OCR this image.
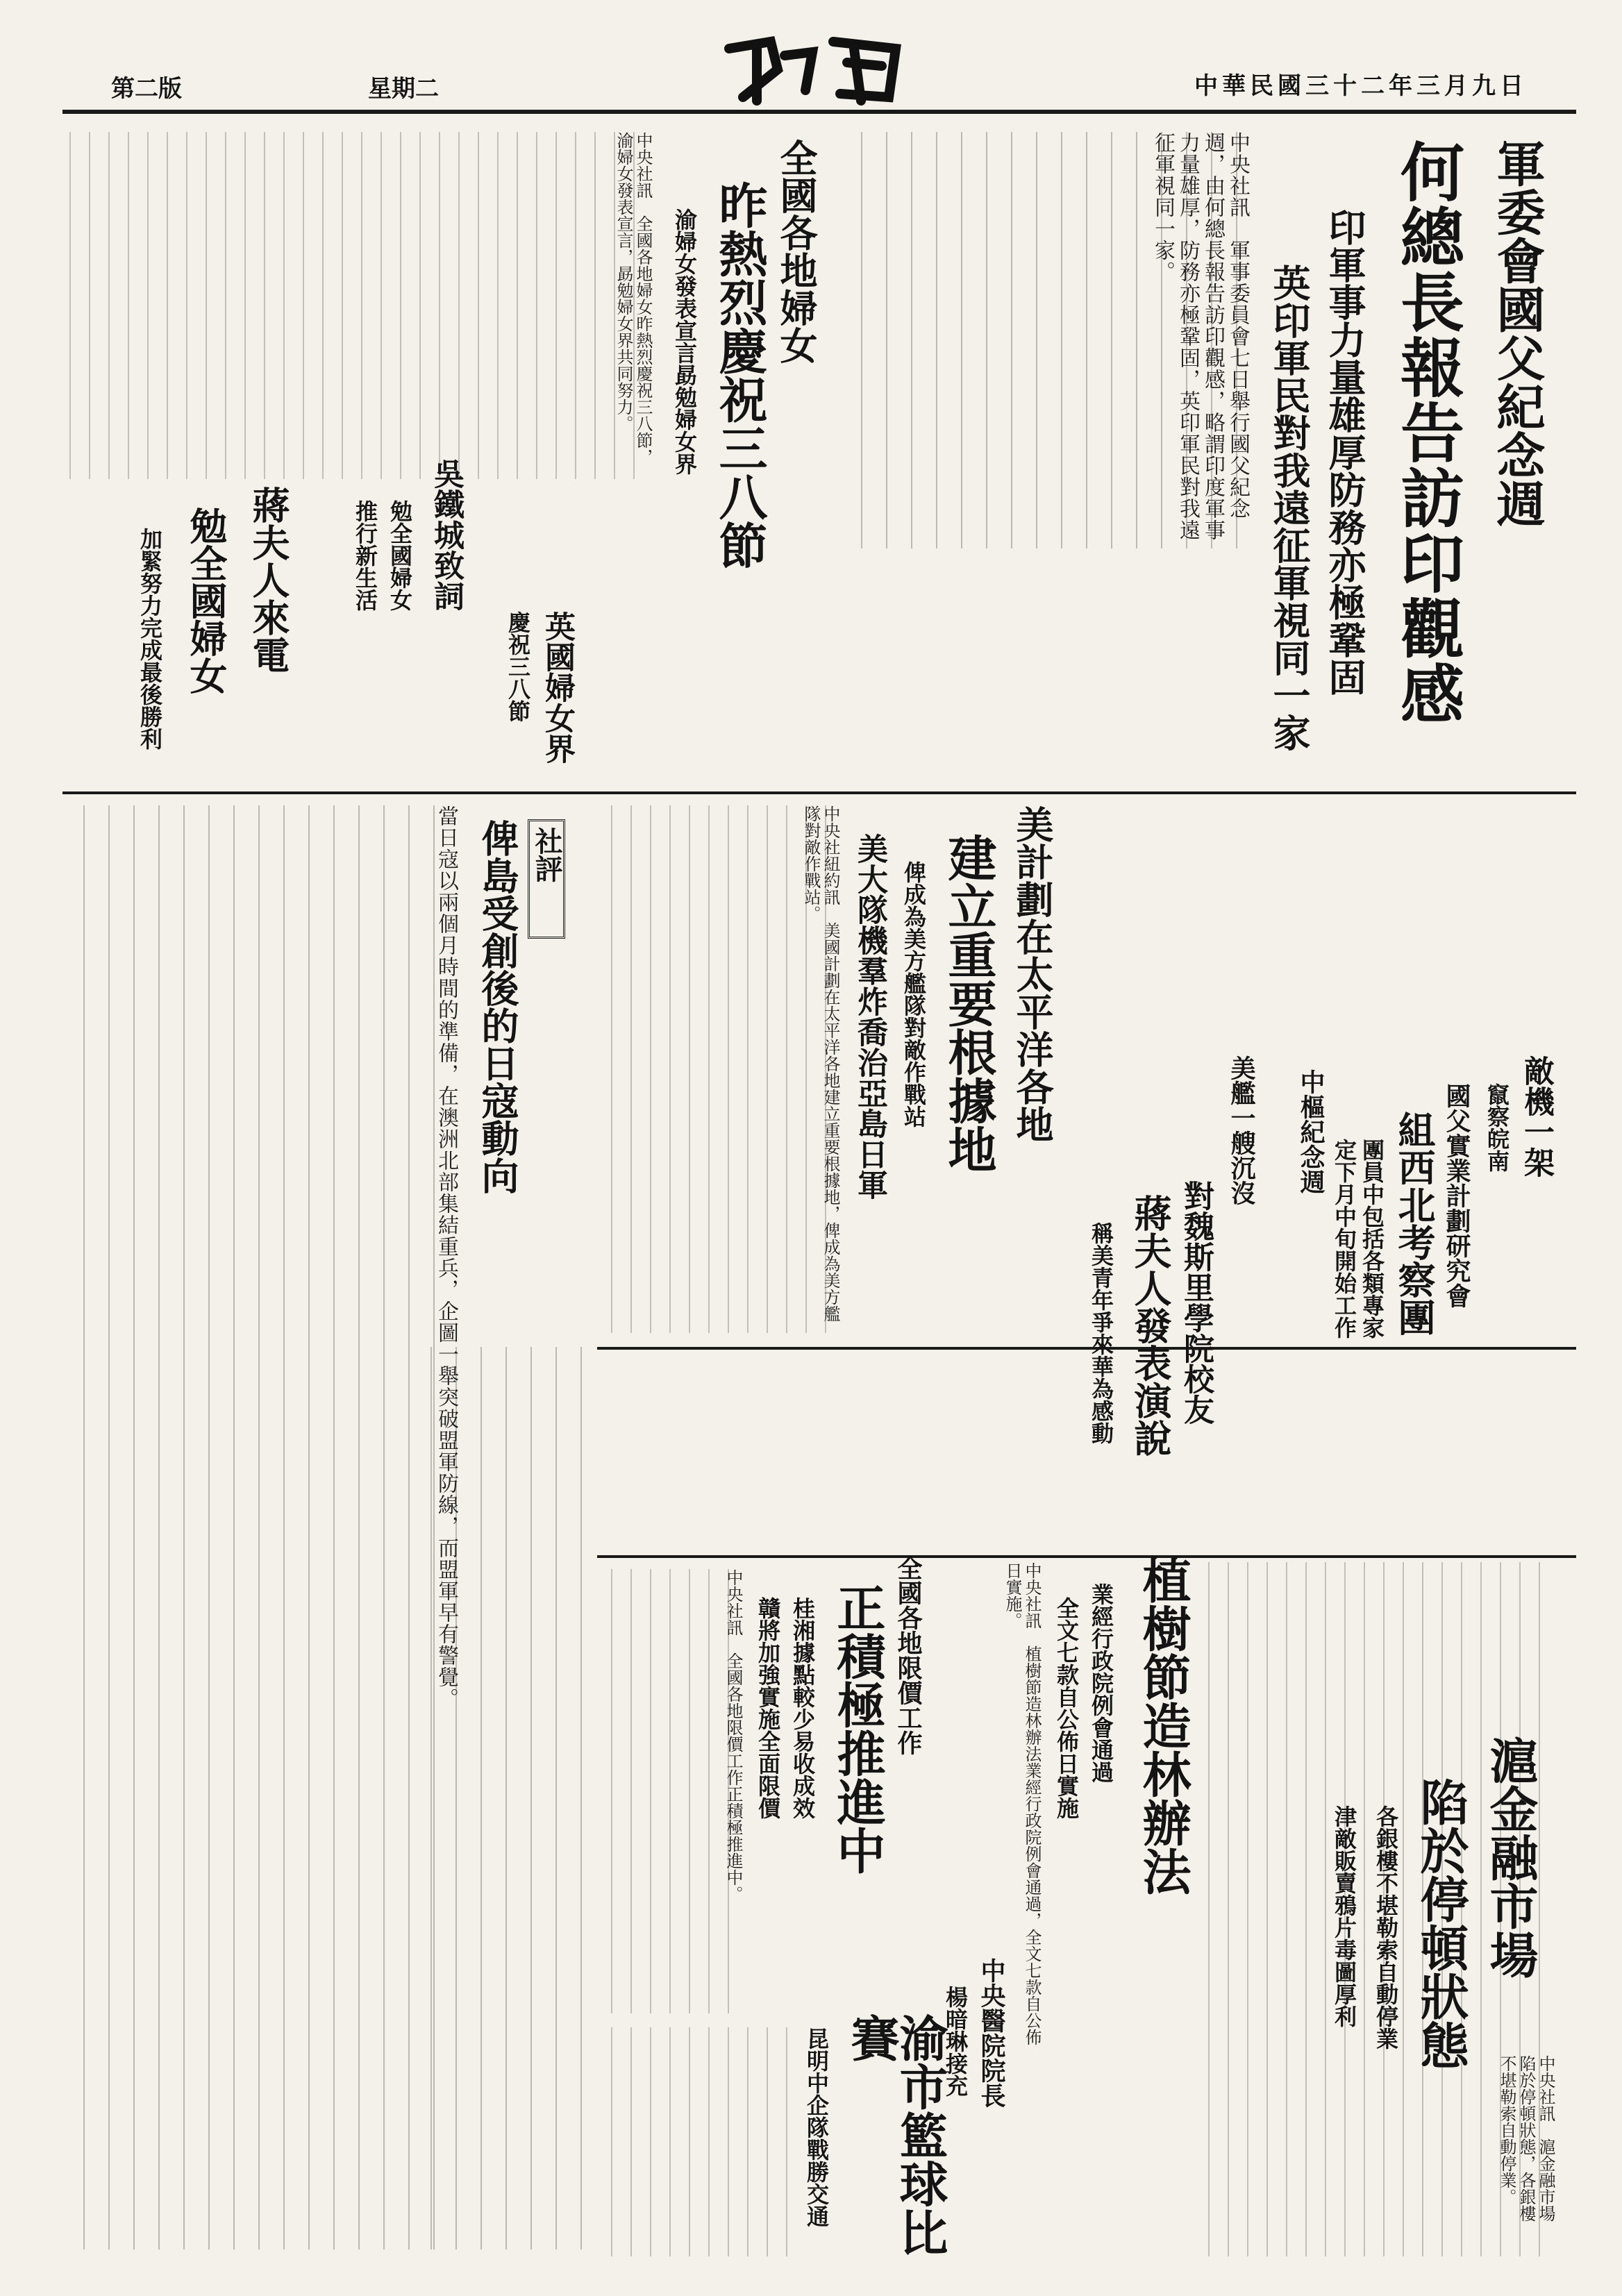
中華民國三十二年三月九日
星期二
第二版
軍委會國父紀念週
何總長報告訪印觀感
印軍事力量雄厚防務亦極鞏固
英印軍民對我遠征軍視同一家
中央社訊　軍事委員會七日舉行國父紀念週，由何總長報告訪印觀感，略謂印度軍事力量雄厚，防務亦極鞏固，英印軍民對我遠征軍視同一家。
全國各地婦女
昨熱烈慶祝三八節
渝婦女發表宣言勗勉婦女界
中央社訊　全國各地婦女昨熱烈慶祝三八節，渝婦女發表宣言，勗勉婦女界共同努力。
吳鐵城致詞
勉全國婦女
推行新生活
蔣夫人來電
勉全國婦女
加緊努力完成最後勝利	英國婦女界
慶祝三八節
美計劃在太平洋各地
建立重要根據地
俾成為美方艦隊對敵作戰站
美大隊機羣炸喬治亞島日軍
中央社紐約訊　美國計劃在太平洋各地建立重要根據地，俾成為美方艦隊對敵作戰站。
敵機一架
竄察皖南
國父實業計劃研究會
組西北考察團
團員中包括各類專家
定下月中旬開始工作
中樞紀念週
對魏斯里學院校友
蔣夫人發表演說
稱美青年爭來華為感動
美艦一艘沉沒
社評
俾島受創後的日寇動向
當日寇以兩個月時間的準備，在澳洲北部集結重兵，企圖一舉突破盟軍防線，而盟軍早有警覺。
植樹節造林辦法
業經行政院例會通過
全文七款自公佈日實施
中央社訊　植樹節造林辦法業經行政院例會通過，全文七款自公佈日實施。
全國各地限價工作
正積極推進中
桂湘據點較少易收成效
贛將加強實施全面限價
中央社訊　全國各地限價工作正積極推進中。	滬金融市場
陷於停頓狀態
各銀樓不堪勒索自動停業
津敵販賣鴉片毒圖厚利
中央社訊　滬金融市場陷於停頓狀態，各銀樓不堪勒索自動停業。
渝市籃球比賽
昆明中企隊戰勝交通	中央醫院院長
楊暗琳接充
